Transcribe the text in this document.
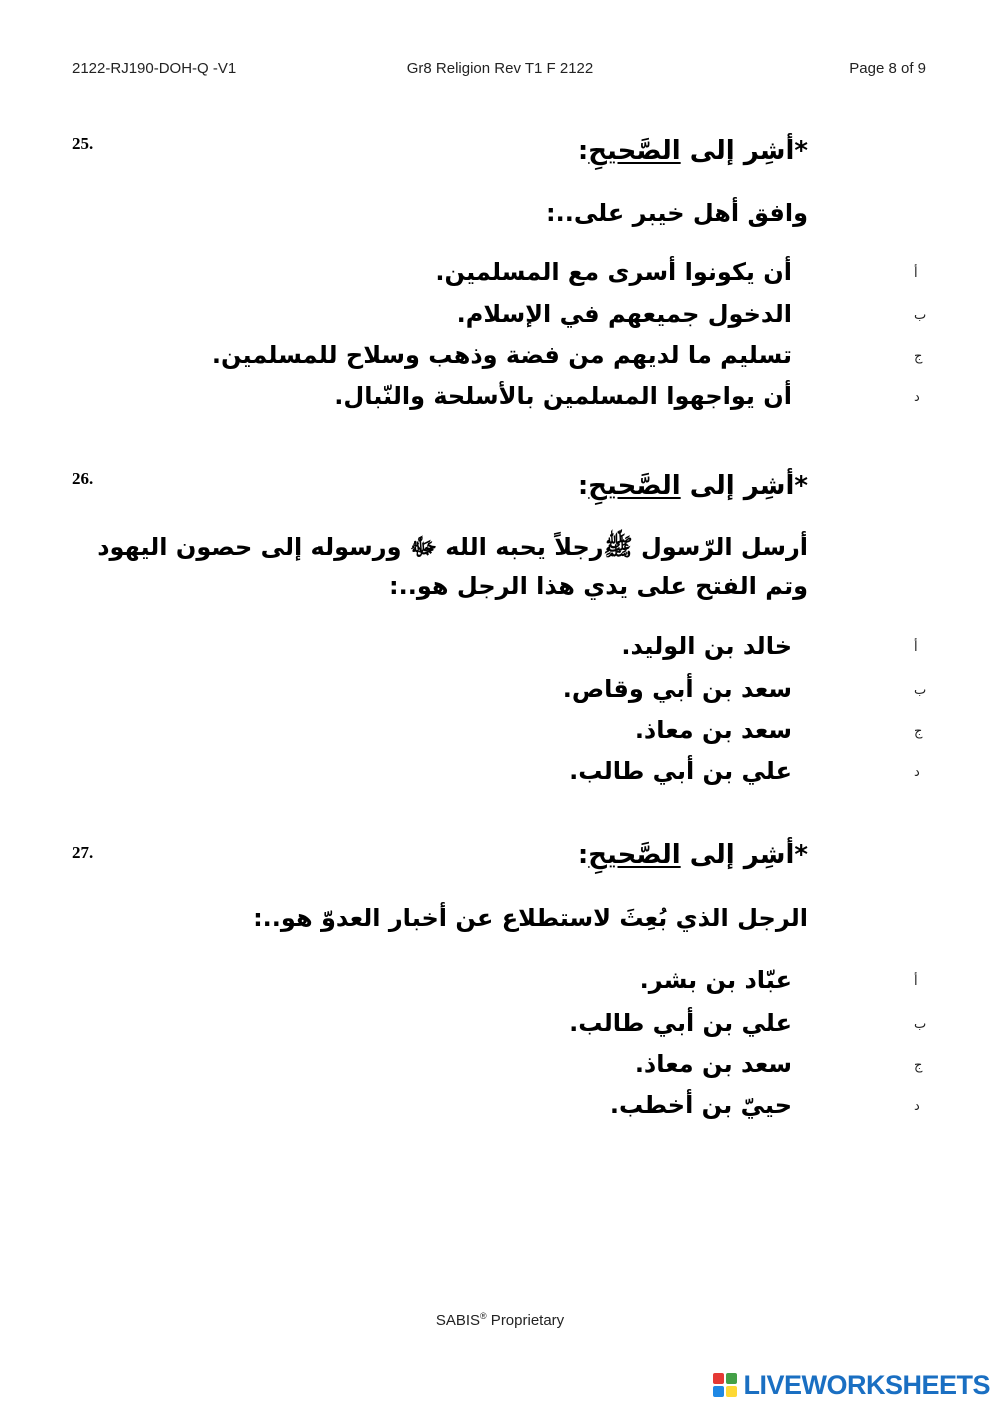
2122-RJ190-DOH-Q -V1	Gr8 Religion Rev T1 F 2122	Page 8 of 9
25.	*أشِر إلى الصَّحيحِ:
وافق أهل خيبر على..:
أ
أن يكونوا أسرى مع المسلمين.
ب
الدخول جميعهم في الإسلام.
ج
تسليم ما لديهم من فضة وذهب وسلاح للمسلمين.
د
أن يواجهوا المسلمين بالأسلحة والنّبال.
26.	*أشِر إلى الصَّحيحِ:
أرسل الرّسول ﷺرجلاً يحبه الله ﷻ ورسوله إلى حصون اليهود
وتم الفتح على يدي هذا الرجل هو..:
أ
خالد بن الوليد.
ب
سعد بن أبي وقاص.
ج
سعد بن معاذ.
د
علي بن أبي طالب.
27.	*أشِر إلى الصَّحيحِ:
الرجل الذي بُعِثَ لاستطلاع عن أخبار العدوّ هو..:
أ
عبّاد بن بشر.
ب
علي بن أبي طالب.
ج
سعد بن معاذ.
د
حييّ بن أخطب.
SABIS® Proprietary
LIVEWORKSHEETS
